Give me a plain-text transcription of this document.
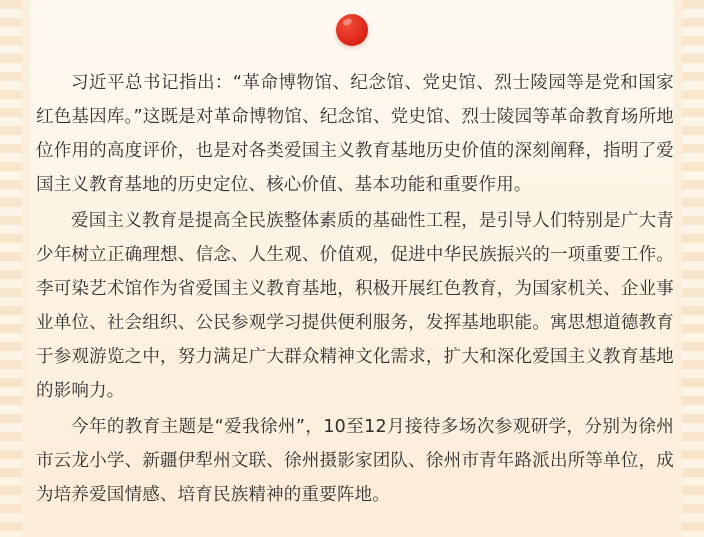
习近平总书记指出：“革命博物馆、纪念馆、党史馆、烈士陵园等是党和国家红色基因库。”这既是对革命博物馆、纪念馆、党史馆、烈士陵园等革命教育场所地位作用的高度评价，也是对各类爱国主义教育基地历史价值的深刻阐释，指明了爱国主义教育基地的历史定位、核心价值、基本功能和重要作用。

爱国主义教育是提高全民族整体素质的基础性工程，是引导人们特别是广大青少年树立正确理想、信念、人生观、价值观，促进中华民族振兴的一项重要工作。李可染艺术馆作为省爱国主义教育基地，积极开展红色教育，为国家机关、企业事业单位、社会组织、公民参观学习提供便利服务，发挥基地职能。寓思想道德教育于参观游览之中，努力满足广大群众精神文化需求，扩大和深化爱国主义教育基地的影响力。

今年的教育主题是“爱我徐州”，10至12月接待多场次参观研学，分别为徐州市云龙小学、新疆伊犁州文联、徐州摄影家团队、徐州市青年路派出所等单位，成为培养爱国情感、培育民族精神的重要阵地。
